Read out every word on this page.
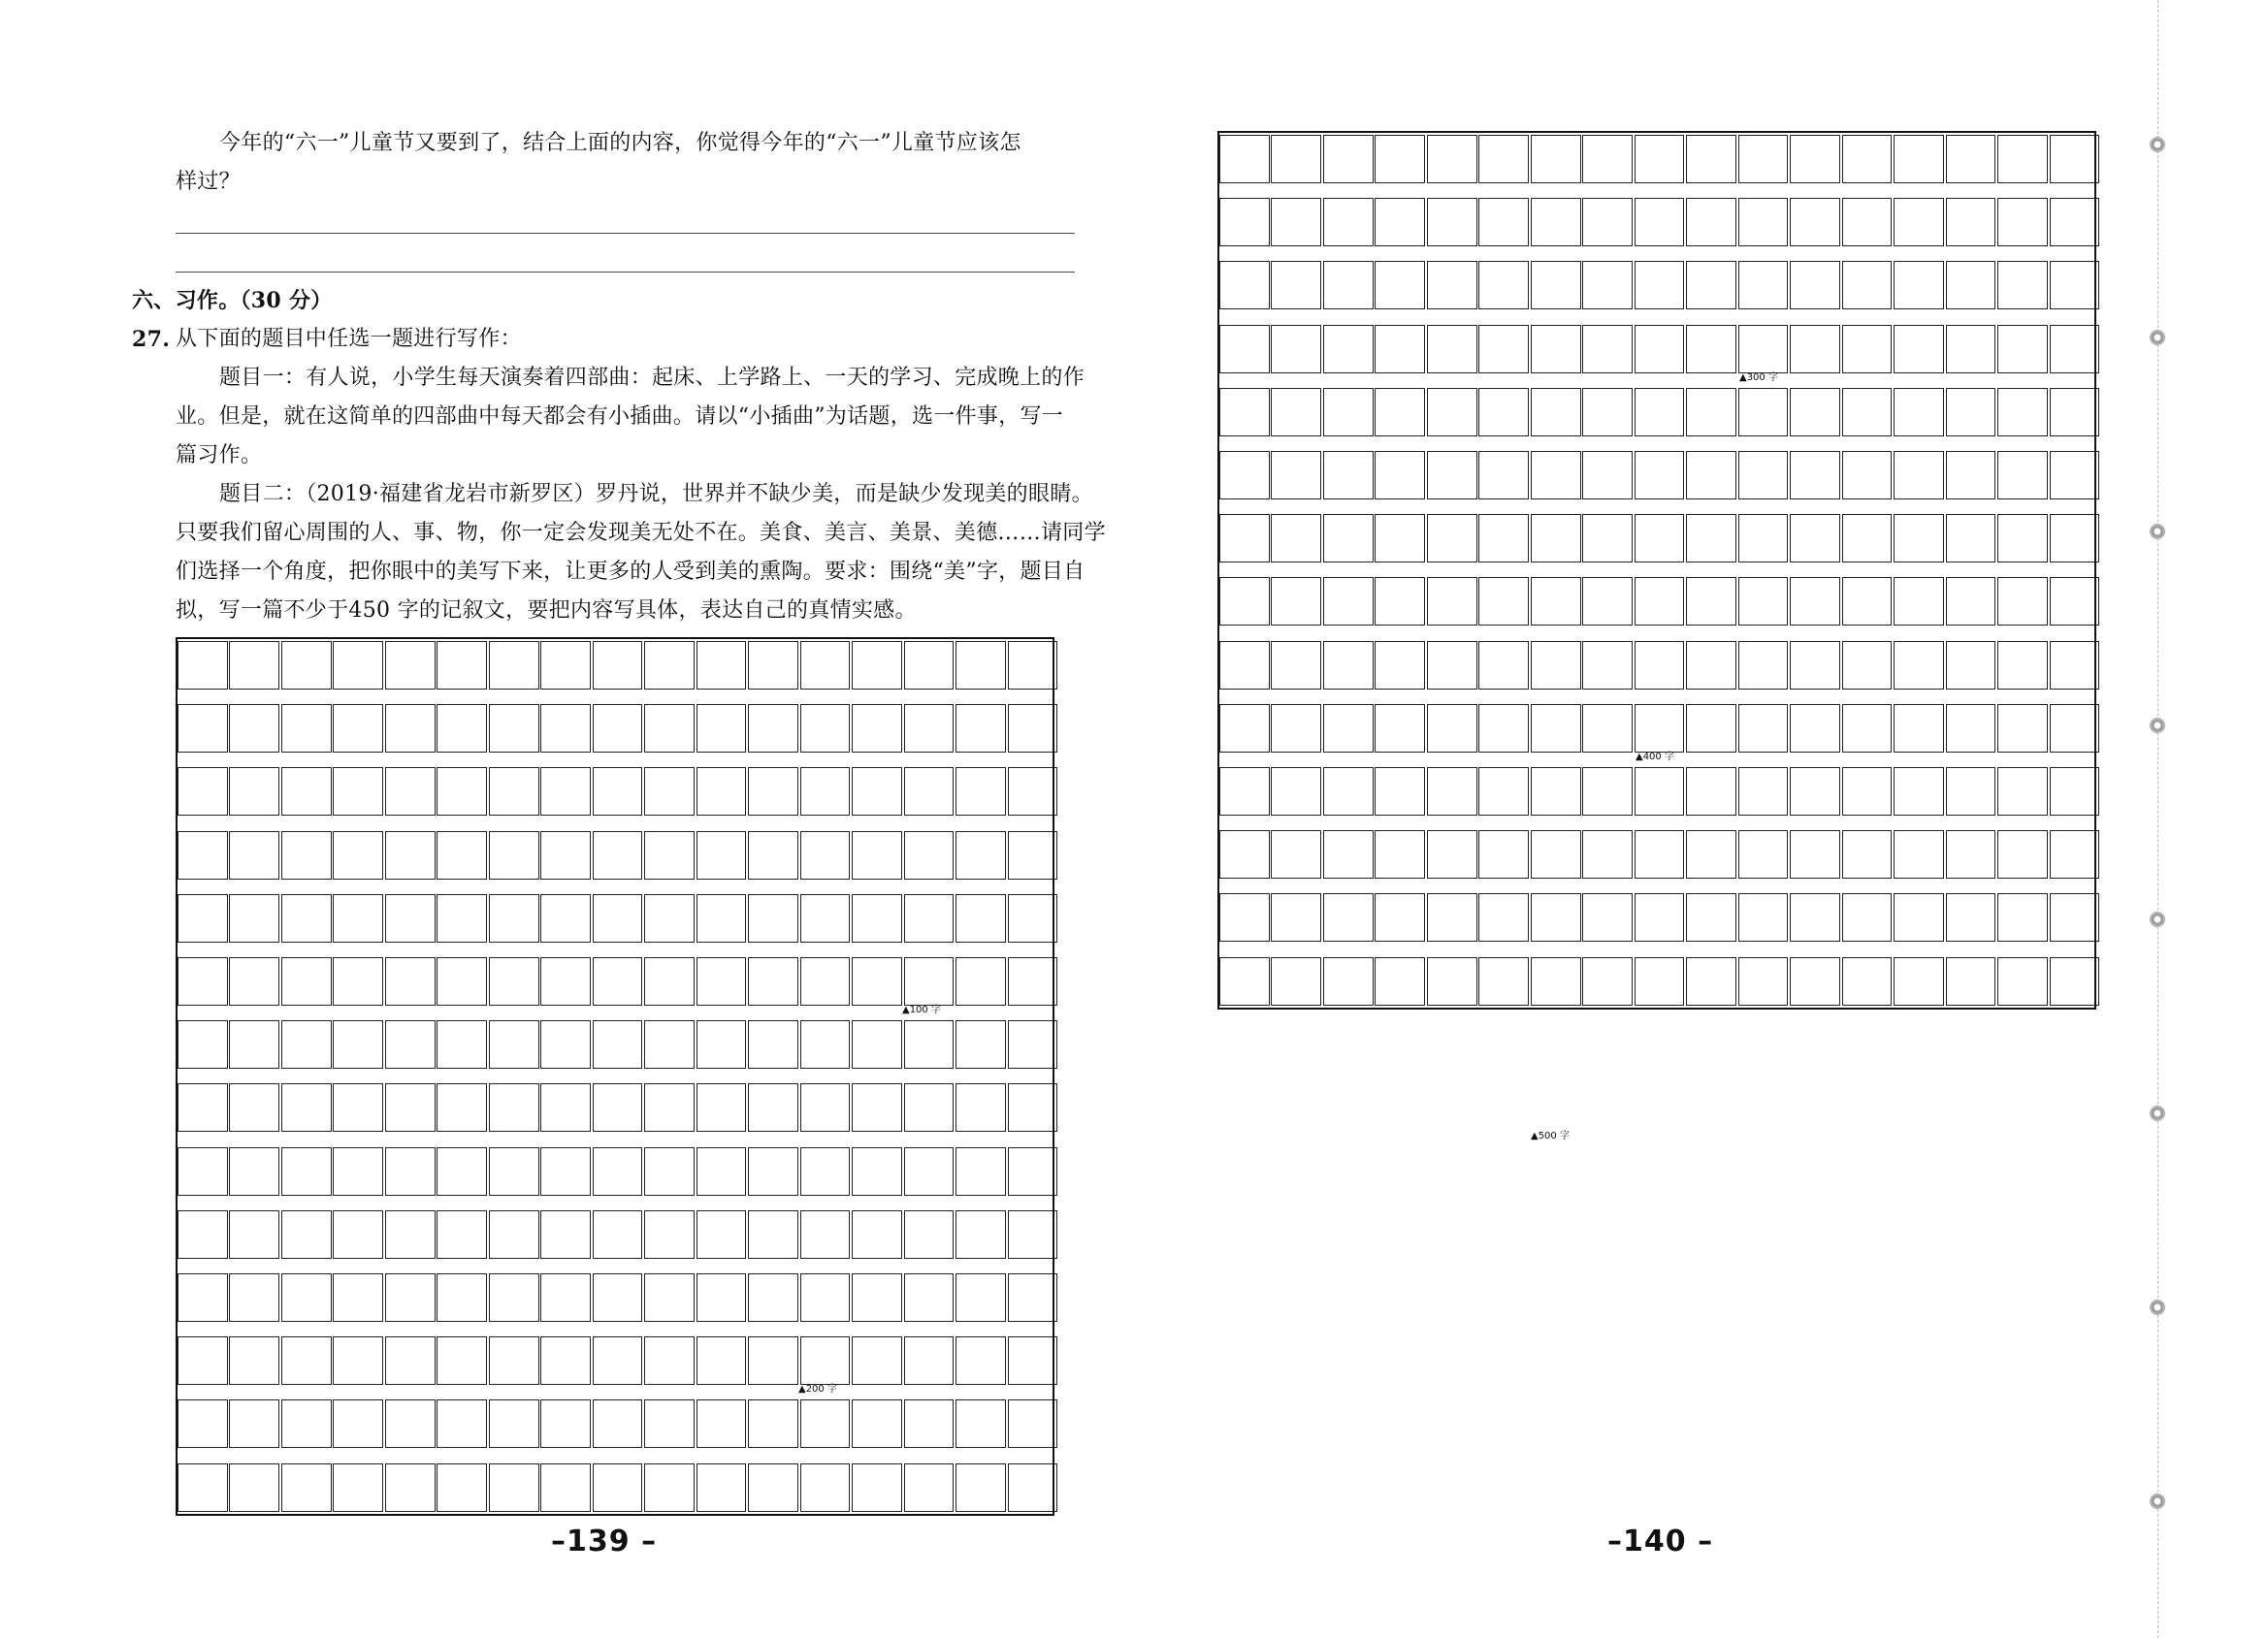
今年的“六一”儿童节又要到了，结合上面的内容，你觉得今年的“六一”儿童节应该怎
样过？
六、习作。（30 分）
27. 从下面的题目中任选一题进行写作：
题目一：有人说，小学生每天演奏着四部曲：起床、上学路上、一天的学习、完成晚上的作
业。但是，就在这简单的四部曲中每天都会有小插曲。请以“小插曲”为话题，选一件事，写一
篇习作。
题目二：（2019·福建省龙岩市新罗区）罗丹说，世界并不缺少美，而是缺少发现美的眼睛。
只要我们留心周围的人、事、物，你一定会发现美无处不在。美食、美言、美景、美德……请同学
们选择一个角度，把你眼中的美写下来，让更多的人受到美的熏陶。要求：围绕“美”字，题目自
拟，写一篇不少于450 字的记叙文，要把内容写具体，表达自己的真情实感。
▲100 字
▲200 字
–139 –
▲300 字
▲400 字
▲500 字
–140 –
